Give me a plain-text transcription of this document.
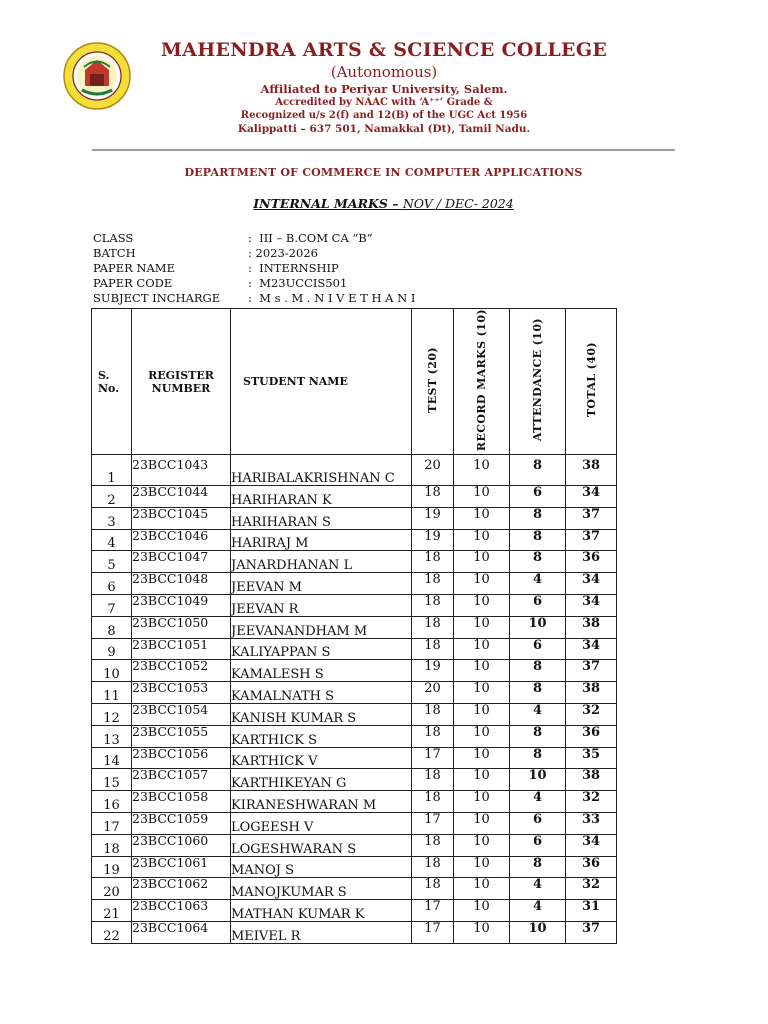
MAHENDRA ARTS & SCIENCE COLLEGE
(Autonomous)
Affiliated to Periyar University, Salem.
Accredited by NAAC with ‘A⁺⁺’ Grade &
Recognized u/s 2(f) and 12(B) of the UGC Act 1956
Kalippatti – 637 501, Namakkal (Dt), Tamil Nadu.
DEPARTMENT OF COMMERCE IN COMPUTER APPLICATIONS
INTERNAL MARKS – NOV / DEC- 2024
CLASS	:  III – B.COM CA “B”
BATCH	: 2023-2026
PAPER NAME	:  INTERNSHIP
PAPER CODE	:  M23UCCIS501
SUBJECT INCHARGE	:  M s . M . N I V E T H A N I
S. No.	REGISTER NUMBER	STUDENT NAME	TEST (20)	RECORD MARKS (10)	ATTENDANCE (10)	TOTAL (40)
1	23BCC1043	HARIBALAKRISHNAN C	20	10	8	38
2	23BCC1044	HARIHARAN K	18	10	6	34
3	23BCC1045	HARIHARAN S	19	10	8	37
4	23BCC1046	HARIRAJ M	19	10	8	37
5	23BCC1047	JANARDHANAN L	18	10	8	36
6	23BCC1048	JEEVAN M	18	10	4	34
7	23BCC1049	JEEVAN R	18	10	6	34
8	23BCC1050	JEEVANANDHAM M	18	10	10	38
9	23BCC1051	KALIYAPPAN S	18	10	6	34
10	23BCC1052	KAMALESH S	19	10	8	37
11	23BCC1053	KAMALNATH S	20	10	8	38
12	23BCC1054	KANISH KUMAR S	18	10	4	32
13	23BCC1055	KARTHICK S	18	10	8	36
14	23BCC1056	KARTHICK V	17	10	8	35
15	23BCC1057	KARTHIKEYAN G	18	10	10	38
16	23BCC1058	KIRANESHWARAN M	18	10	4	32
17	23BCC1059	LOGEESH V	17	10	6	33
18	23BCC1060	LOGESHWARAN S	18	10	6	34
19	23BCC1061	MANOJ S	18	10	8	36
20	23BCC1062	MANOJKUMAR S	18	10	4	32
21	23BCC1063	MATHAN KUMAR K	17	10	4	31
22	23BCC1064	MEIVEL R	17	10	10	37
